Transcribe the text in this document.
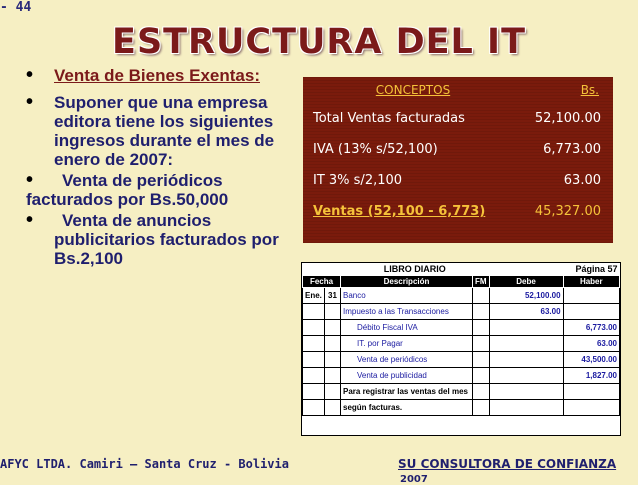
- 44
ESTRUCTURA DEL IT
• Venta de Bienes Exentas:
• Suponer que una empresa editora tiene los siguientes ingresos durante el mes de enero de 2007:
•	Venta de periódicos
facturados por Bs.50,000
•	Venta de anuncios
publicitarios facturados por Bs.2,100
CONCEPTOS	Bs.
Total Ventas facturadas	52,100.00
IVA (13% s/52,100)	6,773.00
IT 3% s/2,100	63.00
Ventas (52,100 - 6,773)	45,327.00
		LIBRO DIARIO		Página 57	
Fecha		Descripción	FM	Debe	Haber
Ene.	31	Banco		52,100.00	
		Impuesto a las Transacciones		63.00	
		Débito Fiscal IVA			6,773.00
		IT. por Pagar			63.00
		Venta de periódicos			43,500.00
		Venta de publicidad			1,827.00
		Para registrar las ventas del mes			
		según facturas.			
AFYC LTDA. Camiri – Santa Cruz - Bolivia	SU CONSULTORA DE CONFIANZA
2007
